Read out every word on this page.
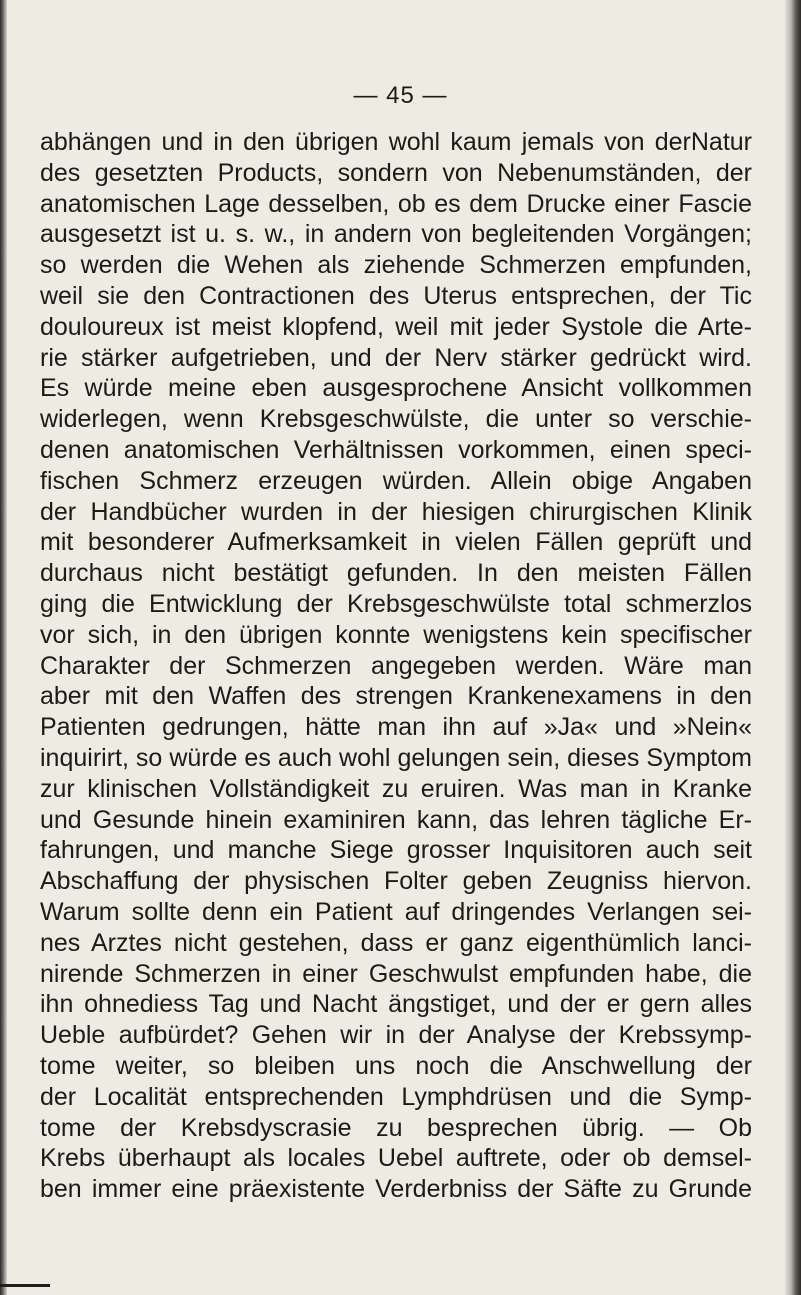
— 45 —

abhängen und in den übrigen wohl kaum jemals von derNatur
des gesetzten Products, sondern von Nebenumständen, der
anatomischen Lage desselben, ob es dem Drucke einer Fascie
ausgesetzt ist u. s. w., in andern von begleitenden Vorgängen;
so werden die Wehen als ziehende Schmerzen empfunden,
weil sie den Contractionen des Uterus entsprechen, der Tic
douloureux ist meist klopfend, weil mit jeder Systole die Arte-
rie stärker aufgetrieben, und der Nerv stärker gedrückt wird.
Es würde meine eben ausgesprochene Ansicht vollkommen
widerlegen, wenn Krebsgeschwülste, die unter so verschie-
denen anatomischen Verhältnissen vorkommen, einen speci-
fischen Schmerz erzeugen würden. Allein obige Angaben
der Handbücher wurden in der hiesigen chirurgischen Klinik
mit besonderer Aufmerksamkeit in vielen Fällen geprüft und
durchaus nicht bestätigt gefunden. In den meisten Fällen
ging die Entwicklung der Krebsgeschwülste total schmerzlos
vor sich, in den übrigen konnte wenigstens kein specifischer
Charakter der Schmerzen angegeben werden. Wäre man
aber mit den Waffen des strengen Krankenexamens in den
Patienten gedrungen, hätte man ihn auf »Ja« und »Nein«
inquirirt, so würde es auch wohl gelungen sein, dieses Symptom
zur klinischen Vollständigkeit zu eruiren. Was man in Kranke
und Gesunde hinein examiniren kann, das lehren tägliche Er-
fahrungen, und manche Siege grosser Inquisitoren auch seit
Abschaffung der physischen Folter geben Zeugniss hiervon.
Warum sollte denn ein Patient auf dringendes Verlangen sei-
nes Arztes nicht gestehen, dass er ganz eigenthümlich lanci-
nirende Schmerzen in einer Geschwulst empfunden habe, die
ihn ohnediess Tag und Nacht ängstiget, und der er gern alles
Ueble aufbürdet? Gehen wir in der Analyse der Krebssymp-
tome weiter, so bleiben uns noch die Anschwellung der
der Localität entsprechenden Lymphdrüsen und die Symp-
tome der Krebsdyscrasie zu besprechen übrig. — Ob
Krebs überhaupt als locales Uebel auftrete, oder ob demsel-
ben immer eine präexistente Verderbniss der Säfte zu Grunde
